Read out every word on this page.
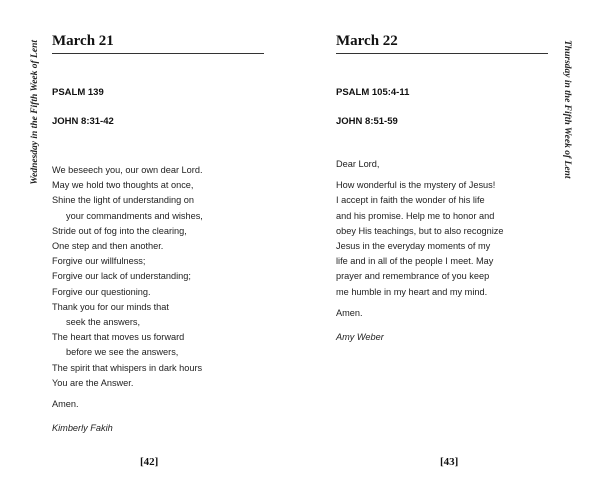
Wednesday in the Fifth Week of Lent March 21
PSALM 139
JOHN 8:31-42
We beseech you, our own dear Lord.
May we hold two thoughts at once,
Shine the light of understanding on
your commandments and wishes,
Stride out of fog into the clearing,
One step and then another.
Forgive our willfulness;
Forgive our lack of understanding;
Forgive our questioning.
Thank you for our minds that
seek the answers,
The heart that moves us forward
before we see the answers,
The spirit that whispers in dark hours
You are the Answer.
Amen.
Kimberly Fakih
[42]
Thursday in the Fifth Week of Lent
March 22
PSALM 105:4-11
JOHN 8:51-59
Dear Lord,
How wonderful is the mystery of Jesus!
I accept in faith the wonder of his life
and his promise. Help me to honor and
obey His teachings, but to also recognize
Jesus in the everyday moments of my
life and in all of the people I meet. May
prayer and remembrance of you keep
me humble in my heart and my mind.
Amen.
Amy Weber
[43]
